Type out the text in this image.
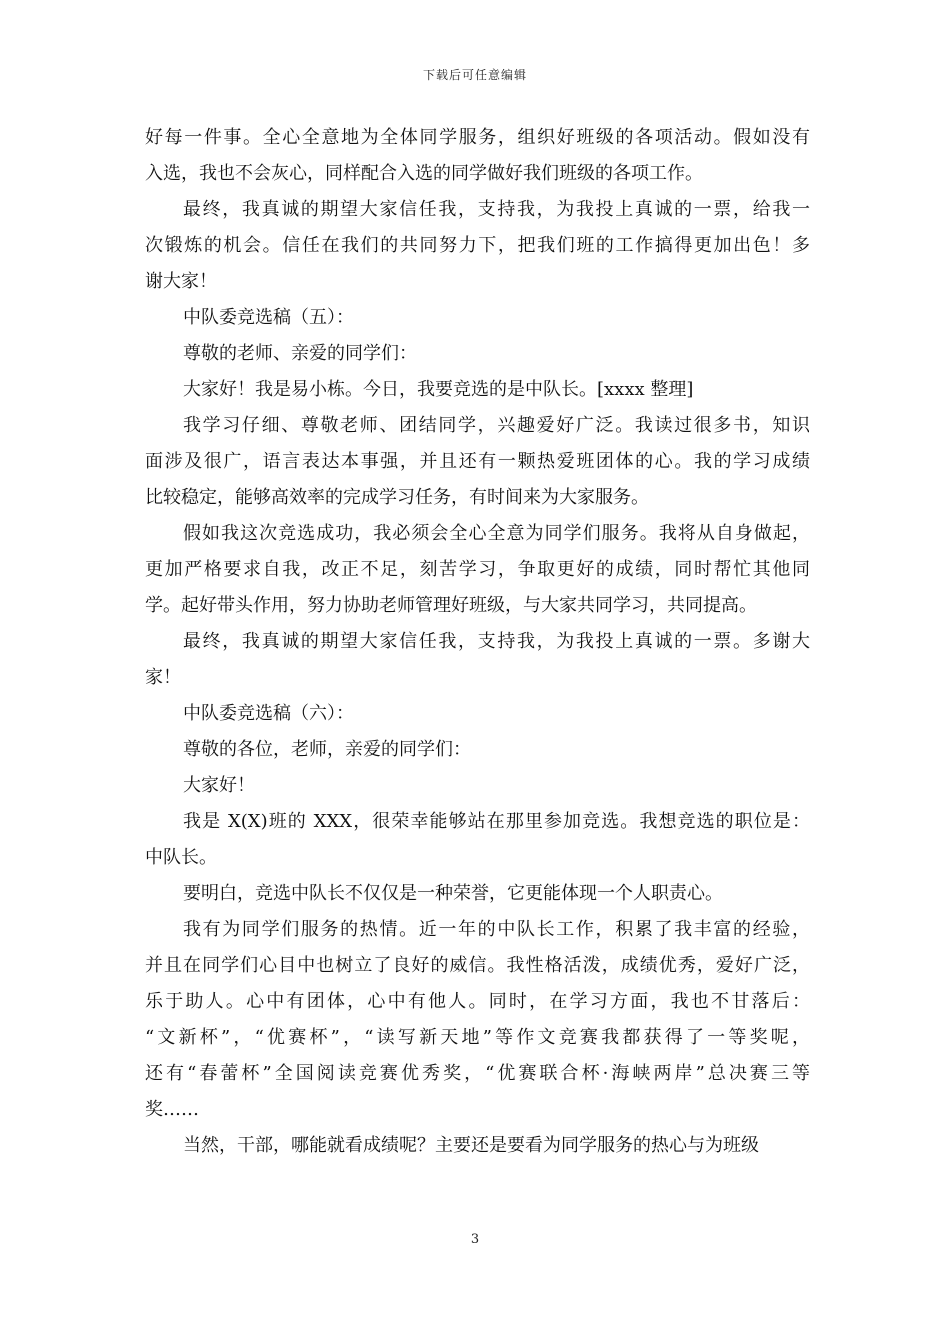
下载后可任意编辑
好每一件事。全心全意地为全体同学服务，组织好班级的各项活动。假如没有
入选，我也不会灰心，同样配合入选的同学做好我们班级的各项工作。
最终，我真诚的期望大家信任我，支持我，为我投上真诚的一票，给我一
次锻炼的机会。信任在我们的共同努力下，把我们班的工作搞得更加出色！多
谢大家！
中队委竞选稿（五）：
尊敬的老师、亲爱的同学们：
大家好！我是易小栋。今日，我要竞选的是中队长。[xxxx 整理]
我学习仔细、尊敬老师、团结同学，兴趣爱好广泛。我读过很多书，知识
面涉及很广，语言表达本事强，并且还有一颗热爱班团体的心。我的学习成绩
比较稳定，能够高效率的完成学习任务，有时间来为大家服务。
假如我这次竞选成功，我必须会全心全意为同学们服务。我将从自身做起，
更加严格要求自我，改正不足，刻苦学习，争取更好的成绩，同时帮忙其他同
学。起好带头作用，努力协助老师管理好班级，与大家共同学习，共同提高。
最终，我真诚的期望大家信任我，支持我，为我投上真诚的一票。多谢大
家！
中队委竞选稿（六）：
尊敬的各位，老师，亲爱的同学们：
大家好！
我是 X(X)班的 XXX，很荣幸能够站在那里参加竞选。我想竞选的职位是：
中队长。
要明白，竞选中队长不仅仅是一种荣誉，它更能体现一个人职责心。
我有为同学们服务的热情。近一年的中队长工作，积累了我丰富的经验，
并且在同学们心目中也树立了良好的威信。我性格活泼，成绩优秀，爱好广泛，
乐于助人。心中有团体，心中有他人。同时，在学习方面，我也不甘落后：
“文新杯”，“优赛杯”，“读写新天地”等作文竞赛我都获得了一等奖呢，
还有“春蕾杯”全国阅读竞赛优秀奖，“优赛联合杯·海峡两岸”总决赛三等
奖……
当然，干部，哪能就看成绩呢？主要还是要看为同学服务的热心与为班级
3
